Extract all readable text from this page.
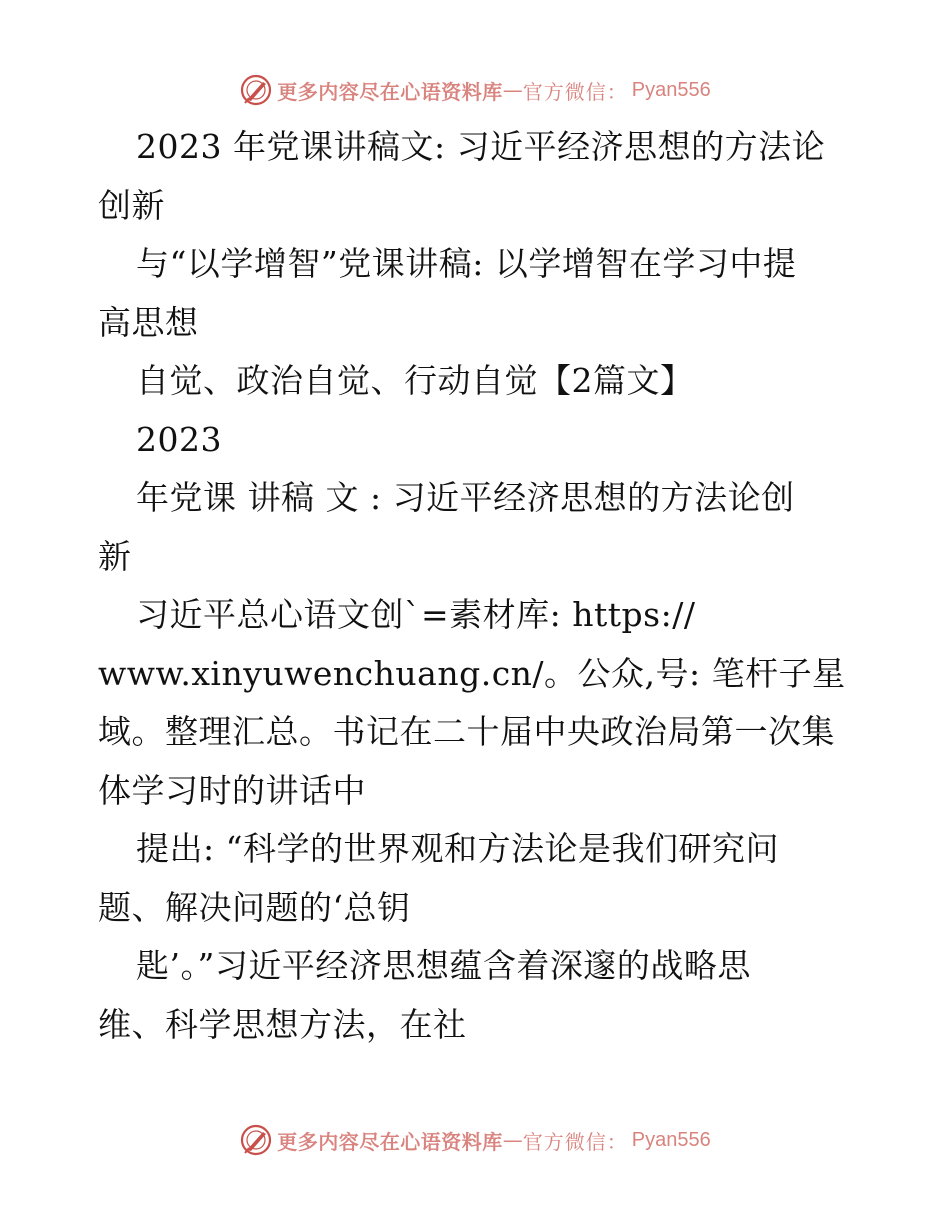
更多内容尽在心语资料库 — 官方微信： Pyan556
2023 年党课讲稿文: 习近平经济思想的方法论
创新
与“以学增智”党课讲稿: 以学增智在学习中提
高思想
自觉、政治自觉、行动自觉【2篇文】
2023
年党课 讲稿 文 : 习近平经济思想的方法论创
新
习近平总心语文创`=素材库: https://
www.xinyuwenchuang.cn/。公众,号: 笔杆子星
域。整理汇总。书记在二十届中央政治局第一次集
体学习时的讲话中
提出: “科学的世界观和方法论是我们研究问
题、解决问题的‘总钥
匙’。”习近平经济思想蕴含着深邃的战略思
维、科学思想方法，在社
更多内容尽在心语资料库 — 官方微信： Pyan556
